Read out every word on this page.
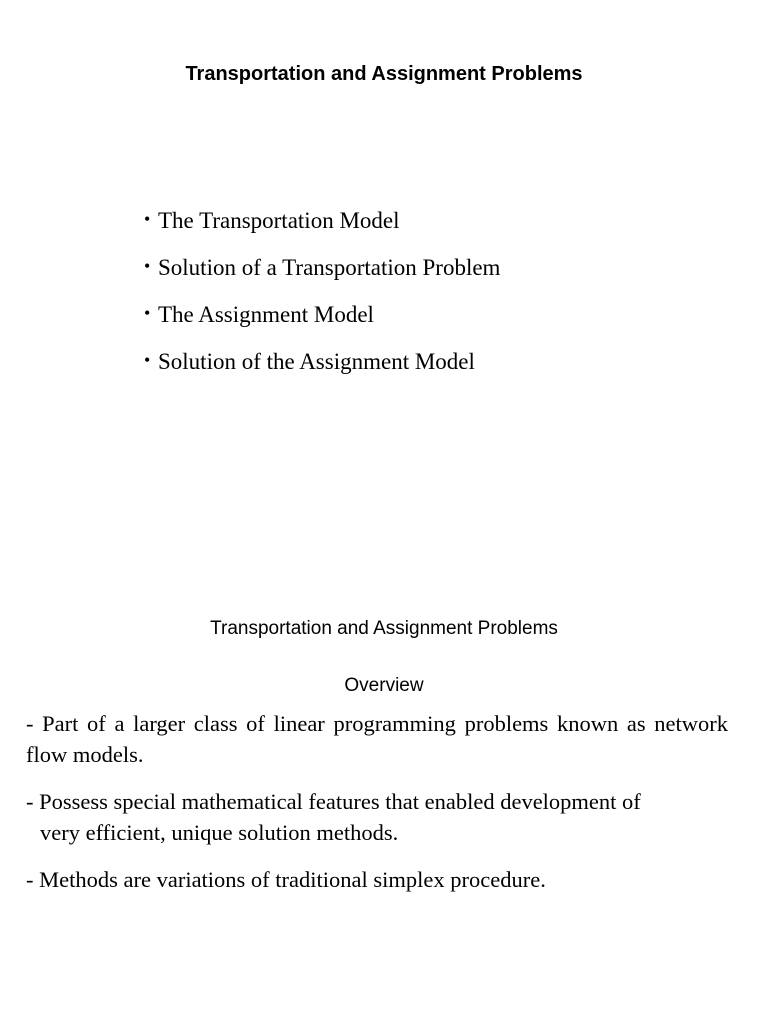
Transportation and Assignment Problems
• The Transportation Model
• Solution of a Transportation Problem
• The Assignment Model
• Solution of the Assignment Model
Transportation and Assignment Problems
Overview

- Part of a larger class of linear programming problems known as network flow models.

- Possess special mathematical features that enabled development of
very efficient, unique solution methods.

- Methods are variations of traditional simplex procedure.
